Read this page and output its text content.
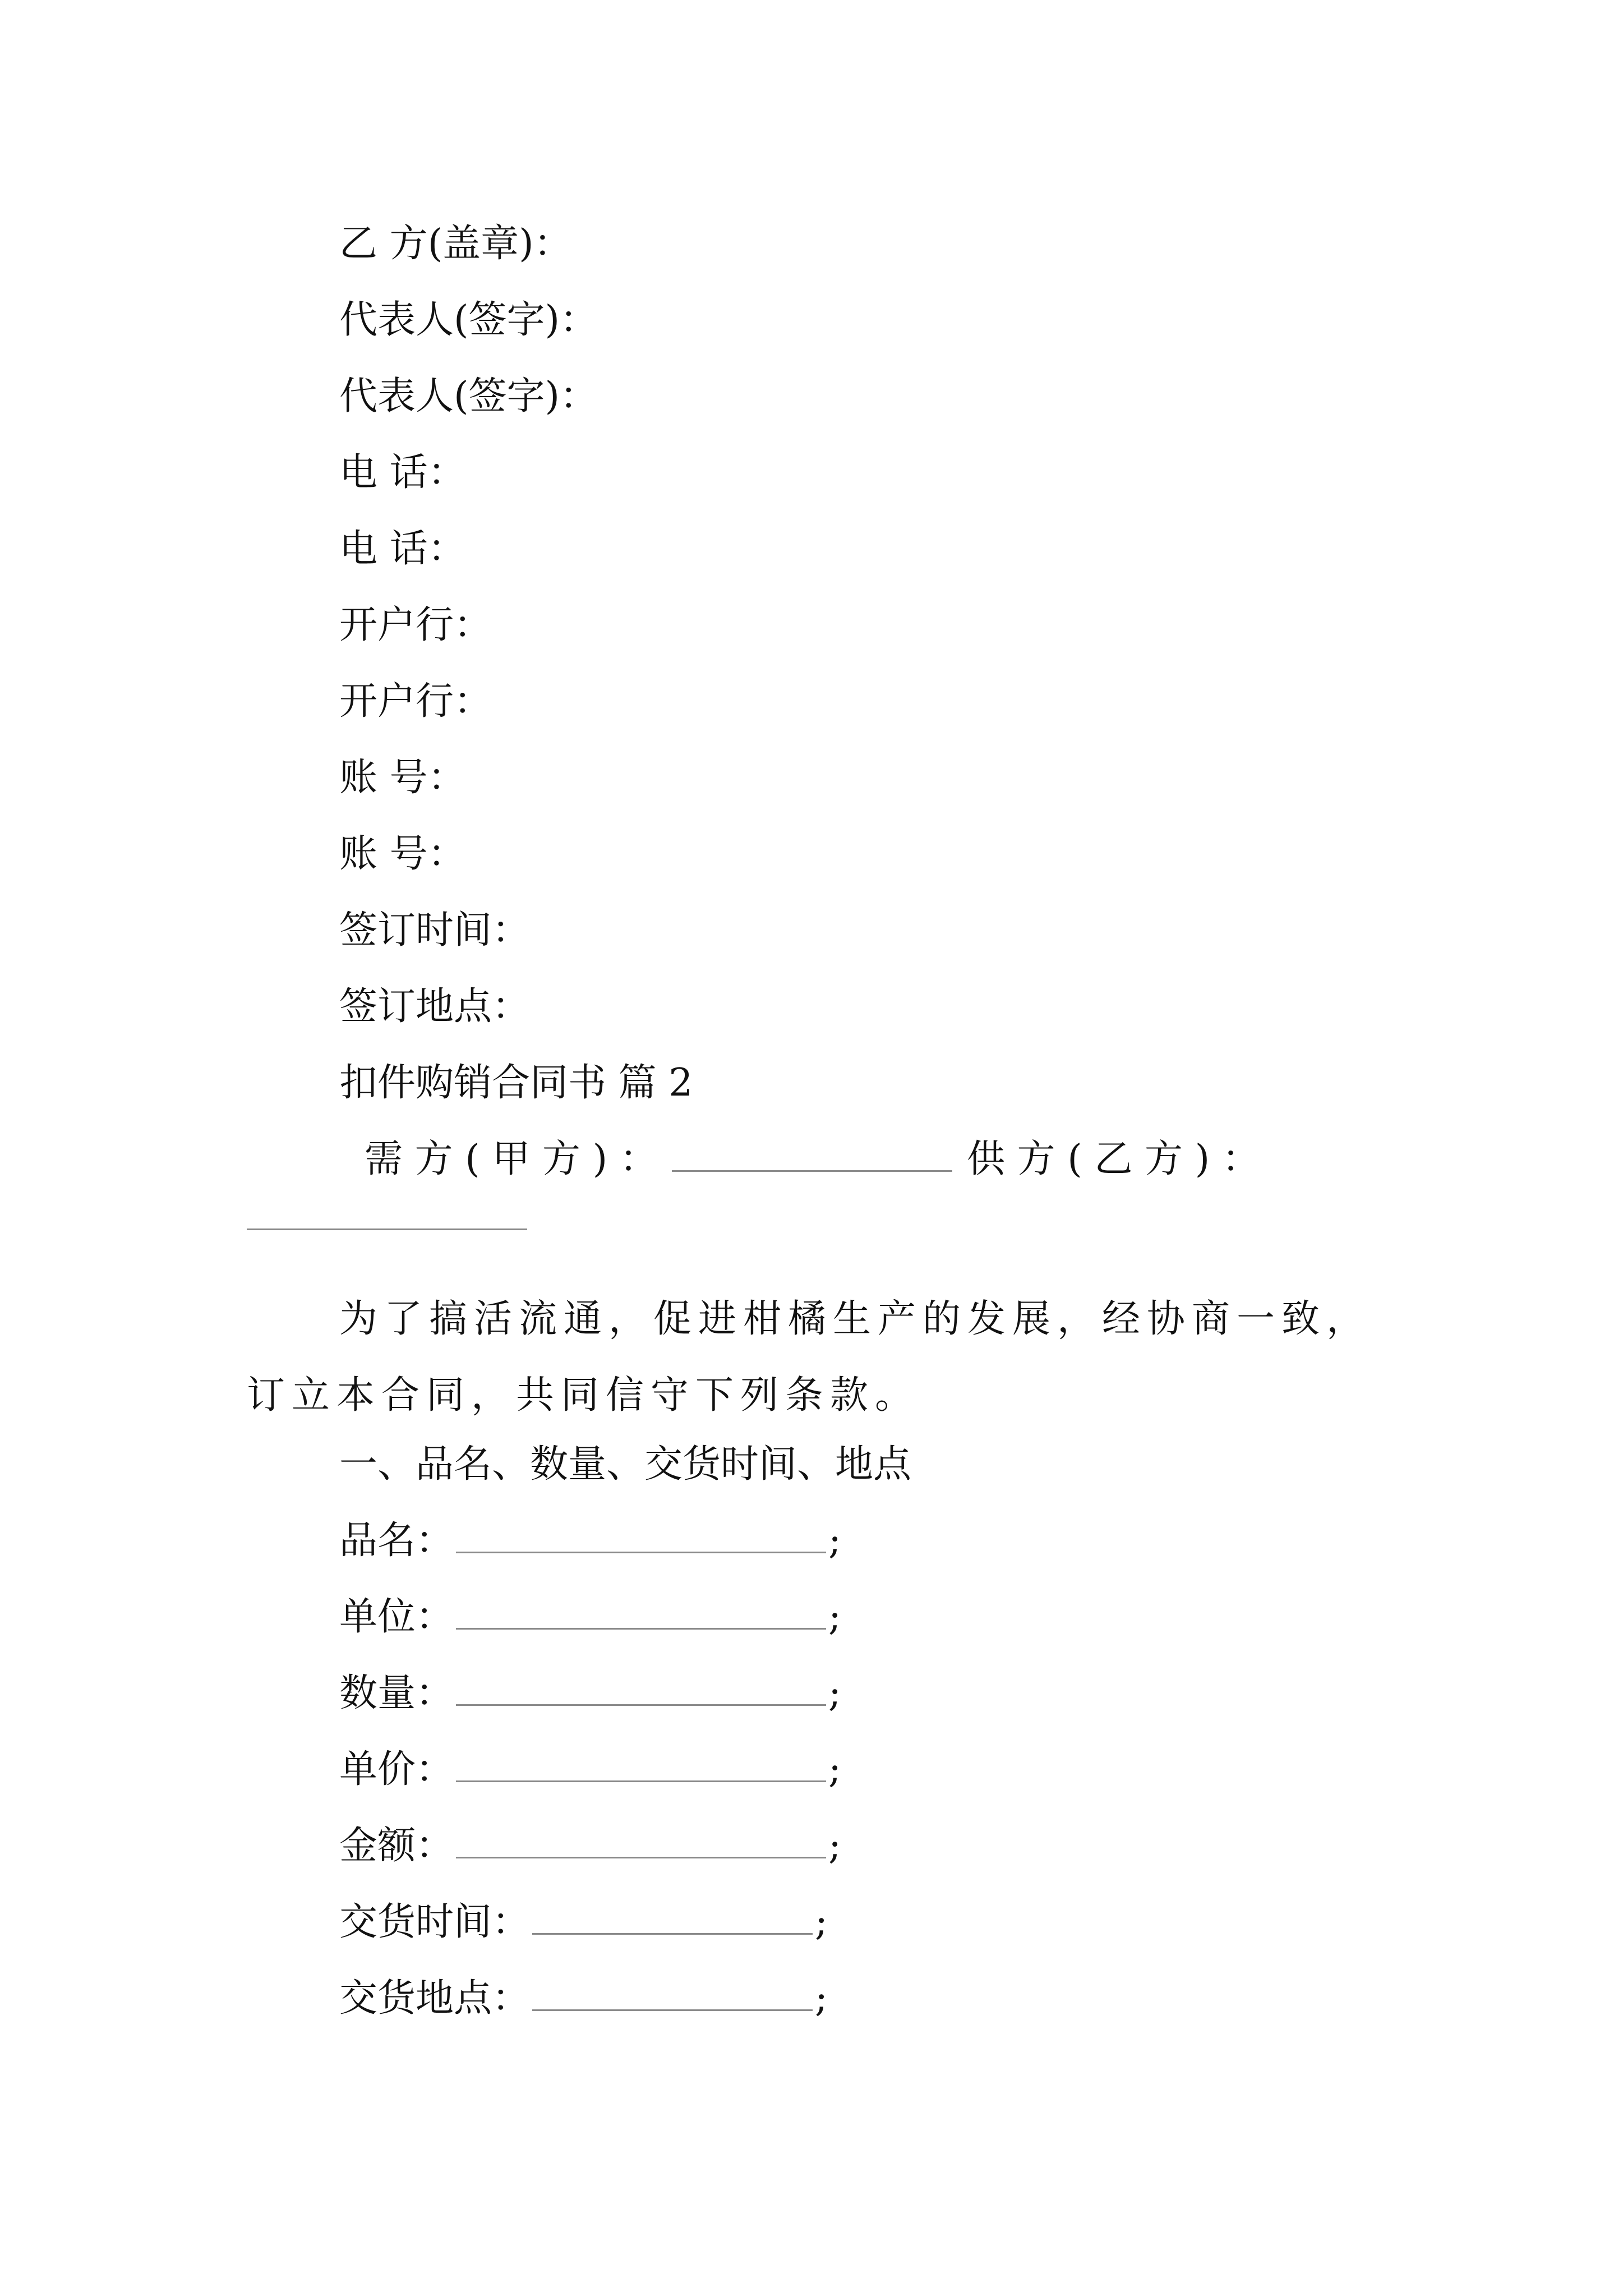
乙 方(盖章)：
代表人(签字)：
代表人(签字)：
电 话：
电 话：
开户行：
开户行：
账 号：
账 号：
签订时间：
签订地点：
扣件购销合同书 篇 2
需 方 ( 甲 方 ) ：	供 方 ( 乙 方 ) ：
为了搞活流通，促进柑橘生产的发展，经协商一致，订立本合同，共同信守下列条款。
一、品名、数量、交货时间、地点
品名：	;
单位：	;
数量：	;
单价：	;
金额：	;
交货时间：	;
交货地点：	;
